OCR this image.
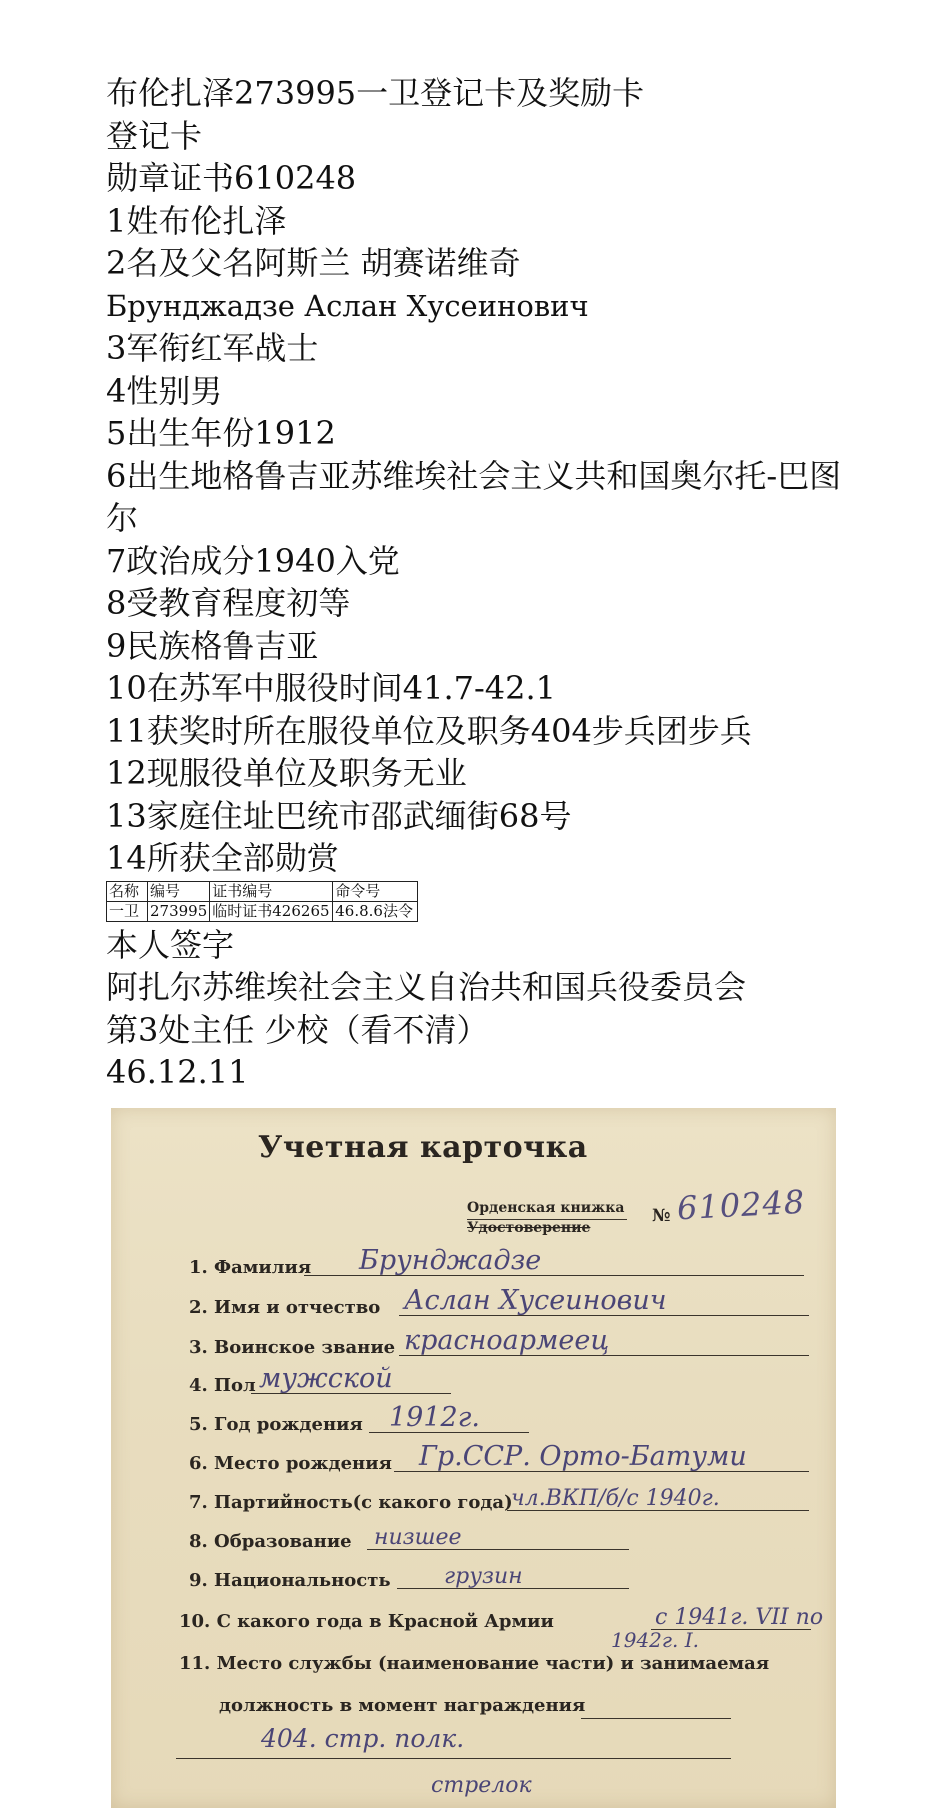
布伦扎泽273995一卫登记卡及奖励卡
登记卡
勋章证书610248
1姓布伦扎泽
2名及父名阿斯兰 胡赛诺维奇
Брунджадзе Аслан Хусеинович
3军衔红军战士
4性别男
5出生年份1912
6出生地格鲁吉亚苏维埃社会主义共和国奥尔托-巴图尔
7政治成分1940入党
8受教育程度初等
9民族格鲁吉亚
10在苏军中服役时间41.7-42.1
11获奖时所在服役单位及职务404步兵团步兵
12现服役单位及职务无业
13家庭住址巴统市邵武缅街68号
14所获全部勋赏
名称	编号	证书编号	命令号
一卫	273995	临时证书426265	46.8.6法令
本人签字
阿扎尔苏维埃社会主义自治共和国兵役委员会
第3处主任 少校（看不清）
46.12.11
Учетная карточка
Орденская книжка
Удостоверение
№ 610248
1. Фамилия Брунджадзе
2. Имя и отчество Аслан Хусеинович
3. Воинское звание красноармеец
4. Пол мужской
5. Год рождения 1912г.
6. Место рождения Гр.ССР. Орто-Батуми
7. Партийность(с какого года)
чл.ВКП/б/с 1940г.
8. Образование низшее
9. Национальность грузин
10. С какого года в Красной Армии	с 1941г. VII по
1942г. I.
11. Место службы (наименование части) и занимаемая
должность в момент награждения
404. стр. полк.
стрелок
